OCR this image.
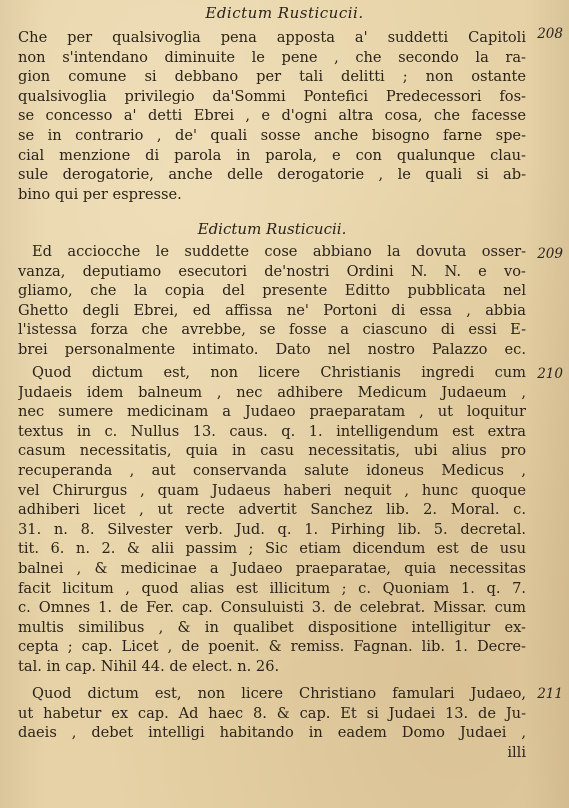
Edictum Rusticucii.
Che per qualsivoglia pena apposta a' suddetti Capitoli
non s'intendano diminuite le pene , che secondo la ra-
gion comune si debbano per tali delitti ; non ostante
qualsivoglia privilegio da'Sommi Pontefici Predecessori fos-
se concesso a' detti Ebrei , e d'ogni altra cosa, che facesse
se in contrario , de' quali sosse anche bisogno farne spe-
cial menzione di parola in parola, e con qualunque clau-
sule derogatorie, anche delle derogatorie , le quali si ab-
bino qui per espresse.
208
Edictum Rusticucii.
Ed acciocche le suddette cose abbiano la dovuta osser-
vanza, deputiamo esecutori de'nostri Ordini N. N. e vo-
gliamo, che la copia del presente Editto pubblicata nel
Ghetto degli Ebrei, ed affissa ne' Portoni di essa , abbia
l'istessa forza che avrebbe, se fosse a ciascuno di essi E-
brei personalmente intimato. Dato nel nostro Palazzo ec.
209
Quod dictum est, non licere Christianis ingredi cum
Judaeis idem balneum , nec adhibere Medicum Judaeum ,
nec sumere medicinam a Judaeo praeparatam , ut loquitur
textus in c. Nullus 13. caus. q. 1. intelligendum est extra
casum necessitatis, quia in casu necessitatis, ubi alius pro
recuperanda , aut conservanda salute idoneus Medicus ,
vel Chirurgus , quam Judaeus haberi nequit , hunc quoque
adhiberi licet , ut recte advertit Sanchez lib. 2. Moral. c.
31. n. 8. Silvester verb. Jud. q. 1. Pirhing lib. 5. decretal.
tit. 6. n. 2. & alii passim ; Sic etiam dicendum est de usu
balnei , & medicinae a Judaeo praeparatae, quia necessitas
facit licitum , quod alias est illicitum ; c. Quoniam 1. q. 7.
c. Omnes 1. de Fer. cap. Consuluisti 3. de celebrat. Missar. cum
multis similibus , & in qualibet dispositione intelligitur ex-
cepta ; cap. Licet , de poenit. & remiss. Fagnan. lib. 1. Decre-
tal. in cap. Nihil 44. de elect. n. 26.
210
Quod dictum est, non licere Christiano famulari Judaeo,
ut habetur ex cap. Ad haec 8. & cap. Et si Judaei 13. de Ju-
daeis , debet intelligi habitando in eadem Domo Judaei ,
illi
211
